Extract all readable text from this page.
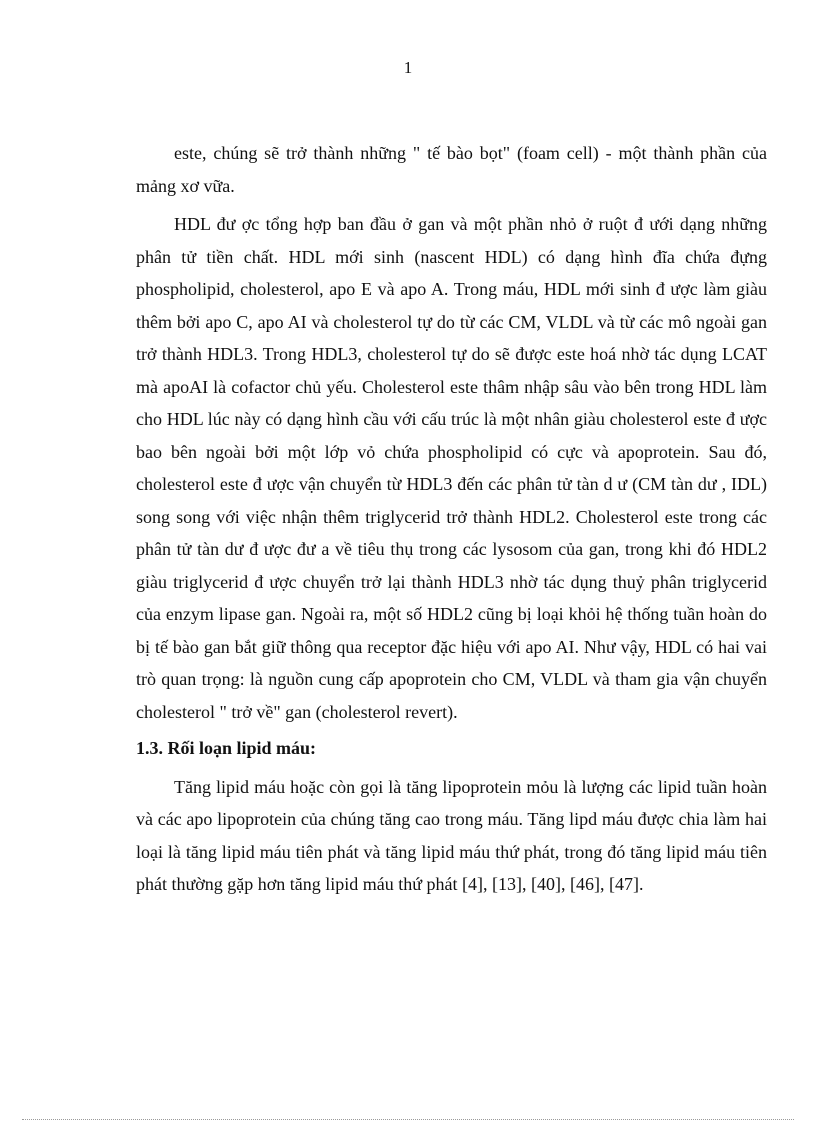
1

este, chúng sẽ trở thành những " tế bào bọt" (foam cell) - một thành phần của mảng xơ vữa.

HDL đư ợc tổng hợp ban đầu ở gan và một phần nhỏ ở ruột đ ưới dạng những phân tử tiền chất. HDL mới sinh (nascent HDL) có dạng hình đĩa chứa đựng phospholipid, cholesterol, apo E và apo A. Trong máu, HDL mới sinh đ ược làm giàu thêm bởi apo C, apo AI và cholesterol tự do từ các CM, VLDL và từ các mô ngoài gan trở thành HDL3. Trong HDL3, cholesterol tự do sẽ được este hoá nhờ tác dụng LCAT mà apoAI là cofactor chủ yếu. Cholesterol este thâm nhập sâu vào bên trong HDL làm cho HDL lúc này có dạng hình cầu với cấu trúc là một nhân giàu cholesterol este đ ược bao bên ngoài bởi một lớp vỏ chứa phospholipid có cực và apoprotein. Sau đó, cholesterol este đ ược vận chuyển từ HDL3 đến các phân tử tàn d ư (CM tàn dư , IDL) song song với việc nhận thêm triglycerid trở thành HDL2. Cholesterol este trong các phân tử tàn dư đ ược đư a về tiêu thụ trong các lysosom của gan, trong khi đó HDL2 giàu triglycerid đ ược chuyển trở lại thành HDL3 nhờ tác dụng thuỷ phân triglycerid của enzym lipase gan. Ngoài ra, một số HDL2 cũng bị loại khỏi hệ thống tuần hoàn do bị tế bào gan bắt giữ thông qua receptor đặc hiệu với apo AI. Như vậy, HDL có hai vai trò quan trọng: là nguồn cung cấp apoprotein cho CM, VLDL và tham gia vận chuyển cholesterol " trở về" gan (cholesterol revert).

1.3. Rối loạn lipid máu:

Tăng lipid máu hoặc còn gọi là tăng lipoprotein mỏu là lượng các lipid tuần hoàn và các apo lipoprotein của chúng tăng cao trong máu. Tăng lipd máu được chia làm hai loại là tăng lipid máu tiên phát và tăng lipid máu thứ phát, trong đó tăng lipid máu tiên phát thường gặp hơn tăng lipid máu thứ phát [4], [13], [40], [46], [47].
